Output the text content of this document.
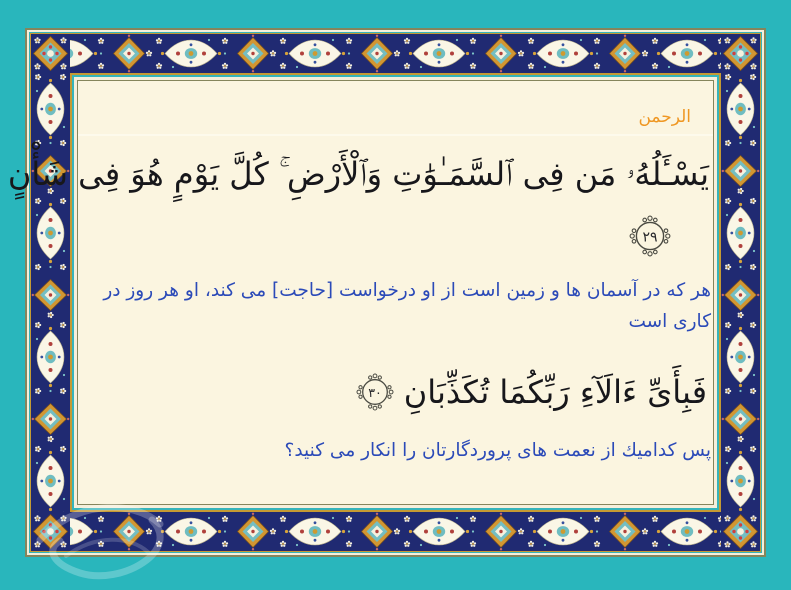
الرحمن
يَسْـَٔلُهُۥ مَن فِى ٱلسَّمَـٰوَٰتِ وَٱلْأَرْضِ ۚ كُلَّ يَوْمٍ هُوَ فِى شَأْنٍ
٢٩
هر كه در آسمان ها و زمين است از او درخواست [حاجت] مى كند، او هر روز در كارى است
فَبِأَىِّ ءَالَآءِ رَبِّكُمَا تُكَذِّبَانِ
٣٠
پس كداميك از نعمت هاى پروردگارتان را انكار مى كنيد؟
